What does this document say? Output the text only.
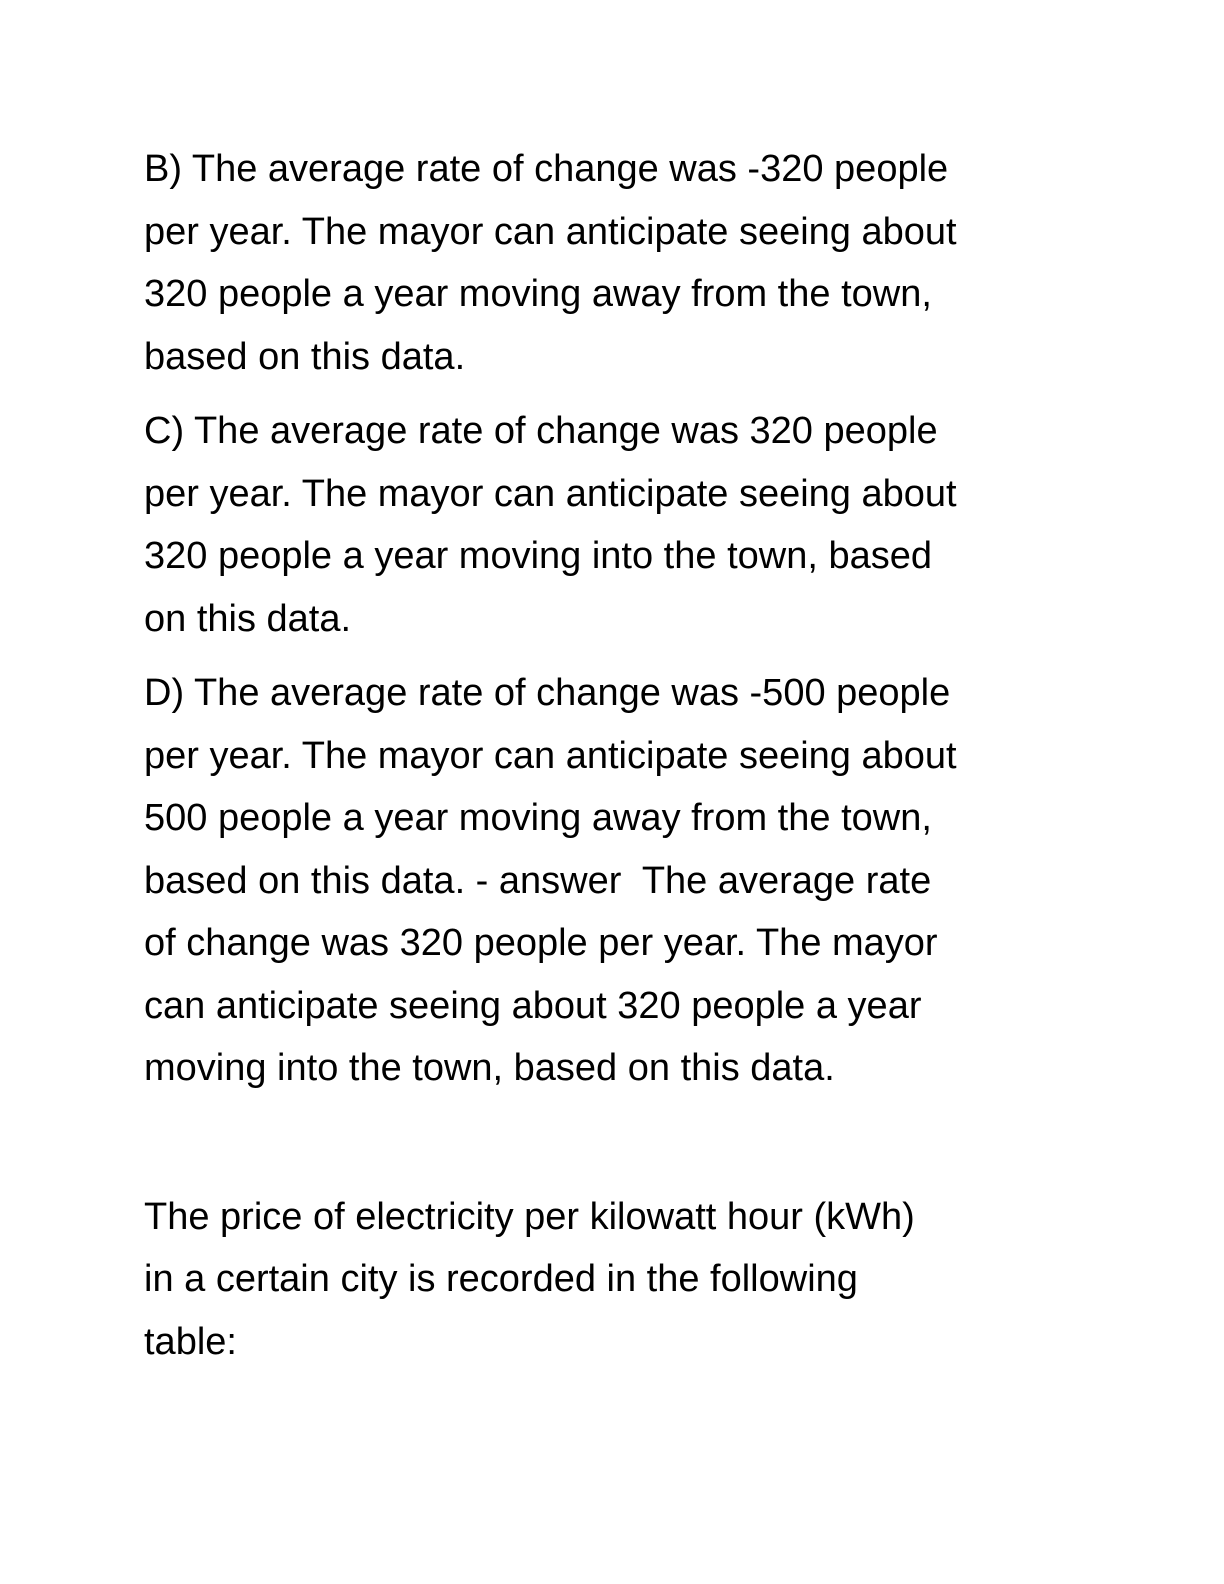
B) The average rate of change was -320 people
per year. The mayor can anticipate seeing about
320 people a year moving away from the town,
based on this data.
C) The average rate of change was 320 people
per year. The mayor can anticipate seeing about
320 people a year moving into the town, based
on this data.
D) The average rate of change was -500 people
per year. The mayor can anticipate seeing about
500 people a year moving away from the town,
based on this data. - answer  The average rate
of change was 320 people per year. The mayor
can anticipate seeing about 320 people a year
moving into the town, based on this data.
The price of electricity per kilowatt hour (kWh)
in a certain city is recorded in the following
table:
